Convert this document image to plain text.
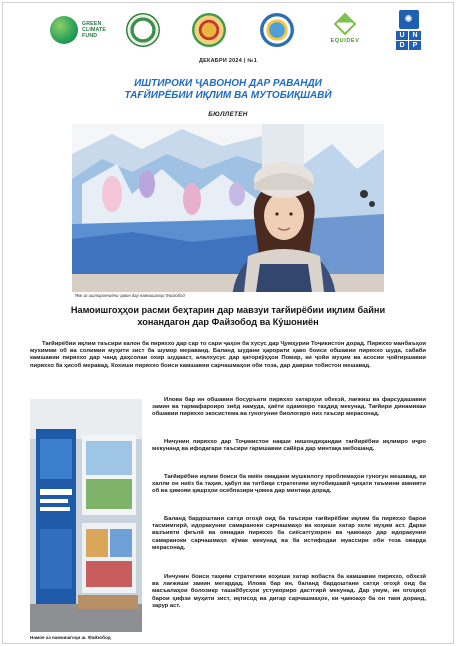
GREEN
CLIMATE
FUND
EQUIDEV
✺
U	N
D	P
ДЕКАБРИ 2024 | №1
ИШТИРОКИ ҶАВОНОН ДАР РАВАНДИ
ТАҒЙИРЁБИИ ИҚЛИМ ВА МУТОБИҚШАВӢ
БЮЛЛЕТЕН
Яке аз иштирокчиёни ҷавон дар намоишгоҳи Файзобод
Намоишгоҳҳои расми беҳтарин дар мавзуи тағйирёбии иқлим байни
хонандагон дар Файзобод ва Кӯшониён
Тағйирёбии иқлим таъсири калон ба пиряххо дар сар то сари ҷаҳон ба хусус дар Ҷумҳурии Тоҷикистон дорад. Пиряххо манбаъҳои мухимми об ва солимии муҳити зист ба шумор мераванд. Баланд шудани ҳарорати ҳаво боиси обшавии пиряххо шуда, сабаби камшавии пиряххо дар чанд даҳсолаи охир шудааст, алалхусус дар қаторкӯҳҳои Помир, ки ҷойи муҳим ва асосии ҷойгиршавии пиряххо ба ҳисоб меравад. Кохиши пиряххо боиси камшавии сарчашмаҳои оби тоза, дар давраи тобистон мешавад.
Намое аз намоишгоҳи ш. Файзобод
Илова бар ин обшавии босуръати пиряххо хатарҳои обхезӣ, лағжиш ва фарсудашавии замин ва тармафароиро зиёд намуда, ҳаёти одамонро таҳдид мекунад. Тағйири динамикаи обшавии пиряххо экосистема ва гуногунии биологиро низ таъсир мерасонад.
Ничунин пиряххо дар Тоҷикистон нақши нишондиҳандаи тағйирёбии иқлимро иҷро мекунанд ва ифодагари таъсири гармшавии сайёра дар минтақа мебошанд.
Тағйирёбии иқлим боиси ба миён омадани мушкилоту проблемаҳои гуногун мешавад, ки халли он ниёз ба таҳия, қабул ва татбиқи стратегияи мутобиқшавӣ ҷиҳати таъмини амнияти об ва ҳимояи қишрҳои осебпазири ҷомеа дар минтақа дорад.
Баланд бардоштани сатҳи огоҳӣ оид ба таъсири тағйирёбии иқлим ба пиряххо барои тасмимгирӣ, идоракунии самараноки сарчашмаҳо ва коҳиши хатар хеле муҳим аст. Дарки вазъияти феълӣ ва оянадаи пиряххо ба сиёсатгузорон ва ҷамоаҳо дар идоракунии самараноки сарчашмаҳо кӯмак мекунад ва ба истифодаи муассири оби тоза оварда мерасонад.
Инчунин боиси таҳияи стратегияи коҳиши хатар вобаста ба камшавии пиряххо, обхезӣ ва лағжиши замин мегардад. Илова бар ин, баланд бардоштани сатҳи огоҳӣ оид ба масъалаҳои болозикр ташаббусҳои устувориро дастгирӣ мекунад. Дар умум, ин огоҳиҳо барои ҳифзи муҳити зист, иқтисод ва дигар сарчашмаҳое, ки ҷамоаҳо ба он такя доранд, зарур аст.
